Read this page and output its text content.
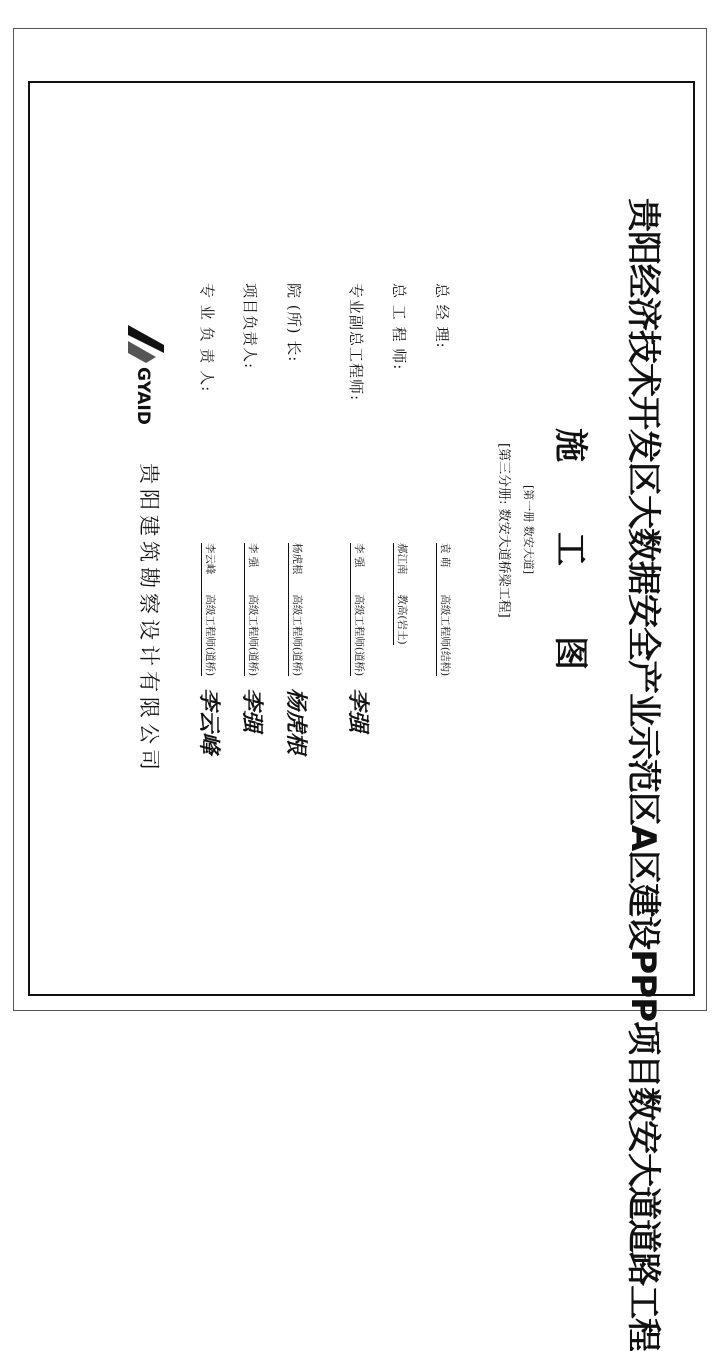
贵阳经济技术开发区大数据安全产业示范区A区建设PPP项目数安大道道路工程
施工图
[第一册 数安大道]
[第三分册: 数安大道桥梁工程]
总 经 理:
总 工 程 师:
专业副总工程师:
院 (所) 长:
项目负责人:
专 业 负 责 人:
袁 萌 高级工程师(结构)
郝江南 教高(岩土)
李 强 高级工程师(道桥)
杨虎根 高级工程师(道桥)
李 强 高级工程师(道桥)
李云峰 高级工程师(道桥)
李强
杨虎根
李强
李云峰
GYAID
贵阳建筑勘察设计有限公司
